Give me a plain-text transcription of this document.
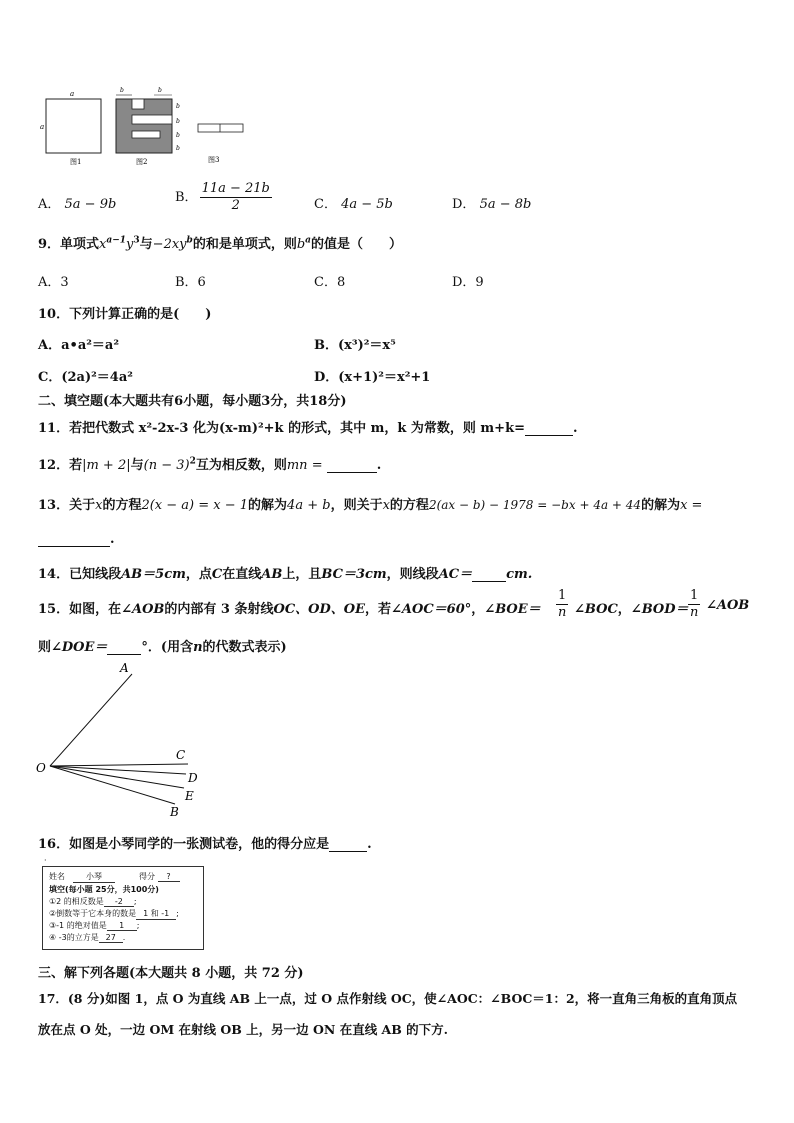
a
a
图1
b	b
b
b
b
b
图2	图3
A． 5a − 9b	B． $\frac{11a - 21b}{2}$	C． 4a − 5b	D． 5a − 8b
9．单项式$x^{a-1}y^3$与$-2xy^b$的和是单项式，则$b^a$的值是（　　）
A．3	B．6	C．8	D．9
10．下列计算正确的是(　　)
A．a•a²＝a²	B．(x³)²＝x⁵
C．(2a)²＝4a²	D．(x+1)²＝x²+1
二、填空题(本大题共有6小题，每小题3分，共18分)
11．若把代数式 x²-2x-3 化为(x-m)²+k 的形式，其中 m，k 为常数，则 m+k=	.
12．若|m + 2|与$(n - 3)^2$互为相反数，则mn =	.
13．关于x的方程2(x − a) = x − 1的解为4a + b，则关于x的方程2(ax − b) − 1978 = −bx + 4a + 44的解为x =
.
14．已知线段AB＝5cm，点C在直线AB上，且BC＝3cm，则线段AC＝	cm.
15．如图，在∠AOB的内部有 3 条射线OC、OD、OE，若∠AOC＝60°，∠BOE＝ $\frac{1}{n}$ ∠BOC，∠BOD＝ $\frac{1}{n}$ ∠AOB
则∠DOE＝	°．(用含n的代数式表示)
A
O
C
D
E
B
16．如图是小琴同学的一张测试卷，他的得分应是	.
·
姓名　	小琴　　　	得分 ?
填空(每小题 25分，共100分)
①2 的相反数是 -2 ;
②倒数等于它本身的数是 1 和 -1 ;
③-1 的绝对值是 1 ;
④ -3的立方是 27 .
三、解下列各题(本大题共 8 小题，共 72 分)
17．(8 分)如图 1，点 O 为直线 AB 上一点，过 O 点作射线 OC，使∠AOC：∠BOC＝1：2，将一直角三角板的直角顶点
放在点 O 处，一边 OM 在射线 OB 上，另一边 ON 在直线 AB 的下方.
